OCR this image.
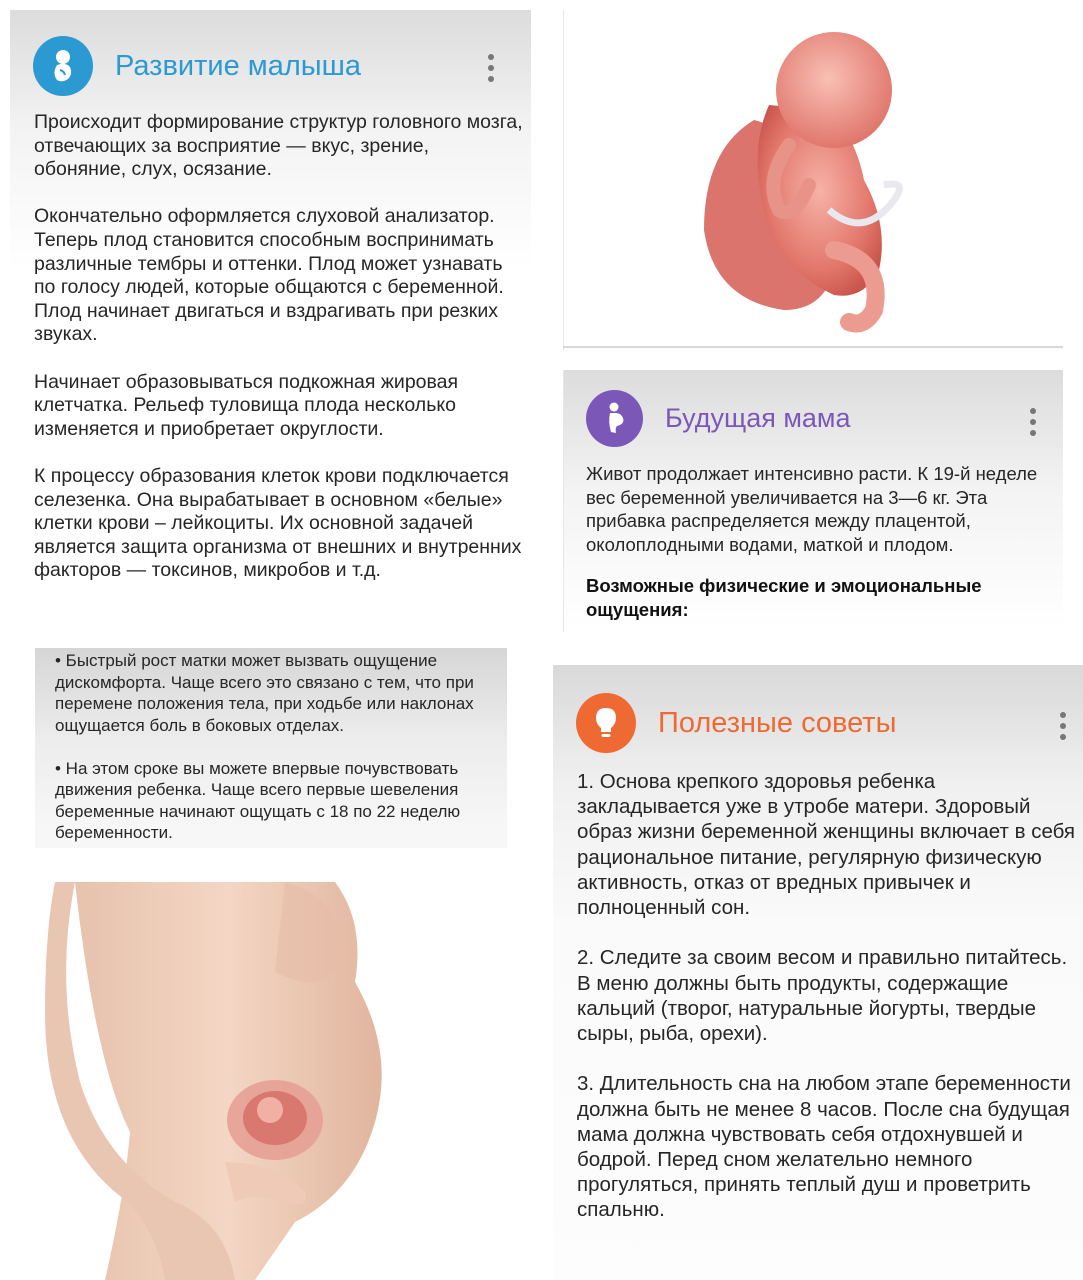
Развитие малыша

Происходит формирование структур головного мозга, отвечающих за восприятие — вкус, зрение, обоняние, слух, осязание.

Окончательно оформляется слуховой анализатор. Теперь плод становится способным воспринимать различные тембры и оттенки. Плод может узнавать по голосу людей, которые общаются с беременной. Плод начинает двигаться и вздрагивать при резких звуках.

Начинает образовываться подкожная жировая клетчатка. Рельеф туловища плода несколько изменяется и приобретает округлости.

К процессу образования клеток крови подключается селезенка. Она вырабатывает в основном «белые» клетки крови – лейкоциты. Их основной задачей является защита организма от внешних и внутренних факторов — токсинов, микробов и т.д.

Будущая мама

Живот продолжает интенсивно расти. К 19-й неделе вес беременной увеличивается на 3—6 кг. Эта прибавка распределяется между плацентой, околоплодными водами, маткой и плодом.

Возможные физические и эмоциональные ощущения:

• Быстрый рост матки может вызвать ощущение дискомфорта. Чаще всего это связано с тем, что при перемене положения тела, при ходьбе или наклонах ощущается боль в боковых отделах.

• На этом сроке вы можете впервые почувствовать движения ребенка. Чаще всего первые шевеления беременные начинают ощущать с 18 по 22 неделю беременности.

Полезные советы

1. Основа крепкого здоровья ребенка закладывается уже в утробе матери. Здоровый образ жизни беременной женщины включает в себя рациональное питание, регулярную физическую активность, отказ от вредных привычек и полноценный сон.

2. Следите за своим весом и правильно питайтесь. В меню должны быть продукты, содержащие кальций (творог, натуральные йогурты, твердые сыры, рыба, орехи).

3. Длительность сна на любом этапе беременности должна быть не менее 8 часов. После сна будущая мама должна чувствовать себя отдохнувшей и бодрой. Перед сном желательно немного прогуляться, принять теплый душ и проветрить спальню.
